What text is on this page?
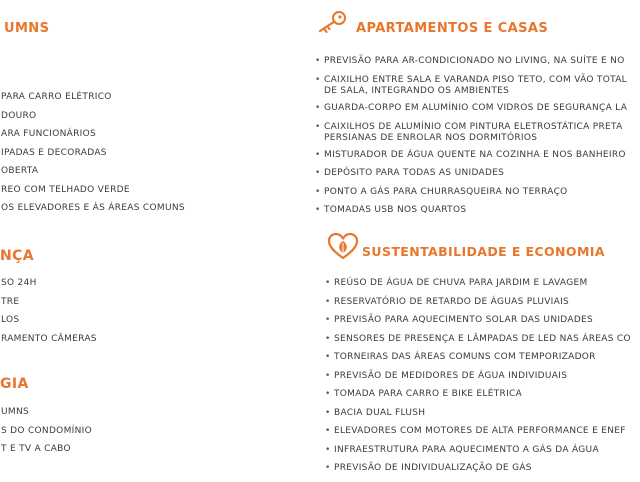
UMNS
PARA CARRO ELÉTRICO
DOURO
ARA FUNCIONÁRIOS
IPADAS E DECORADAS
OBERTA
REO COM TELHADO VERDE
OS ELEVADORES E ÀS ÁREAS COMUNS
NÇA
SO 24H
TRE
LOS
RAMENTO CÂMERAS
GIA
UMNS
S DO CONDOMÍNIO
T E TV A CABO
APARTAMENTOS E CASAS
• PREVISÃO PARA AR-CONDICIONADO NO LIVING, NA SUÍTE E NO
• CAIXILHO ENTRE SALA E VARANDA PISO TETO, COM VÃO TOTAL
DE SALA, INTEGRANDO OS AMBIENTES
• GUARDA-CORPO EM ALUMÍNIO COM VIDROS DE SEGURANÇA LA
• CAIXILHOS DE ALUMÍNIO COM PINTURA ELETROSTÁTICA PRETA
PERSIANAS DE ENROLAR NOS DORMITÓRIOS
• MISTURADOR DE ÁGUA QUENTE NA COZINHA E NOS BANHEIRO
• DEPÓSITO PARA TODAS AS UNIDADES
• PONTO A GÁS PARA CHURRASQUEIRA NO TERRAÇO
• TOMADAS USB NOS QUARTOS
SUSTENTABILIDADE E ECONOMIA
• REÚSO DE ÁGUA DE CHUVA PARA JARDIM E LAVAGEM
• RESERVATÓRIO DE RETARDO DE ÁGUAS PLUVIAIS
• PREVISÃO PARA AQUECIMENTO SOLAR DAS UNIDADES
• SENSORES DE PRESENÇA E LÂMPADAS DE LED NAS ÁREAS CO
• TORNEIRAS DAS ÁREAS COMUNS COM TEMPORIZADOR
• PREVISÃO DE MEDIDORES DE ÁGUA INDIVIDUAIS
• TOMADA PARA CARRO E BIKE ELÉTRICA
• BACIA DUAL FLUSH
• ELEVADORES COM MOTORES DE ALTA PERFORMANCE E ENEF
• INFRAESTRUTURA PARA AQUECIMENTO A GÁS DA ÁGUA
• PREVISÃO DE INDIVIDUALIZAÇÃO DE GÁS
